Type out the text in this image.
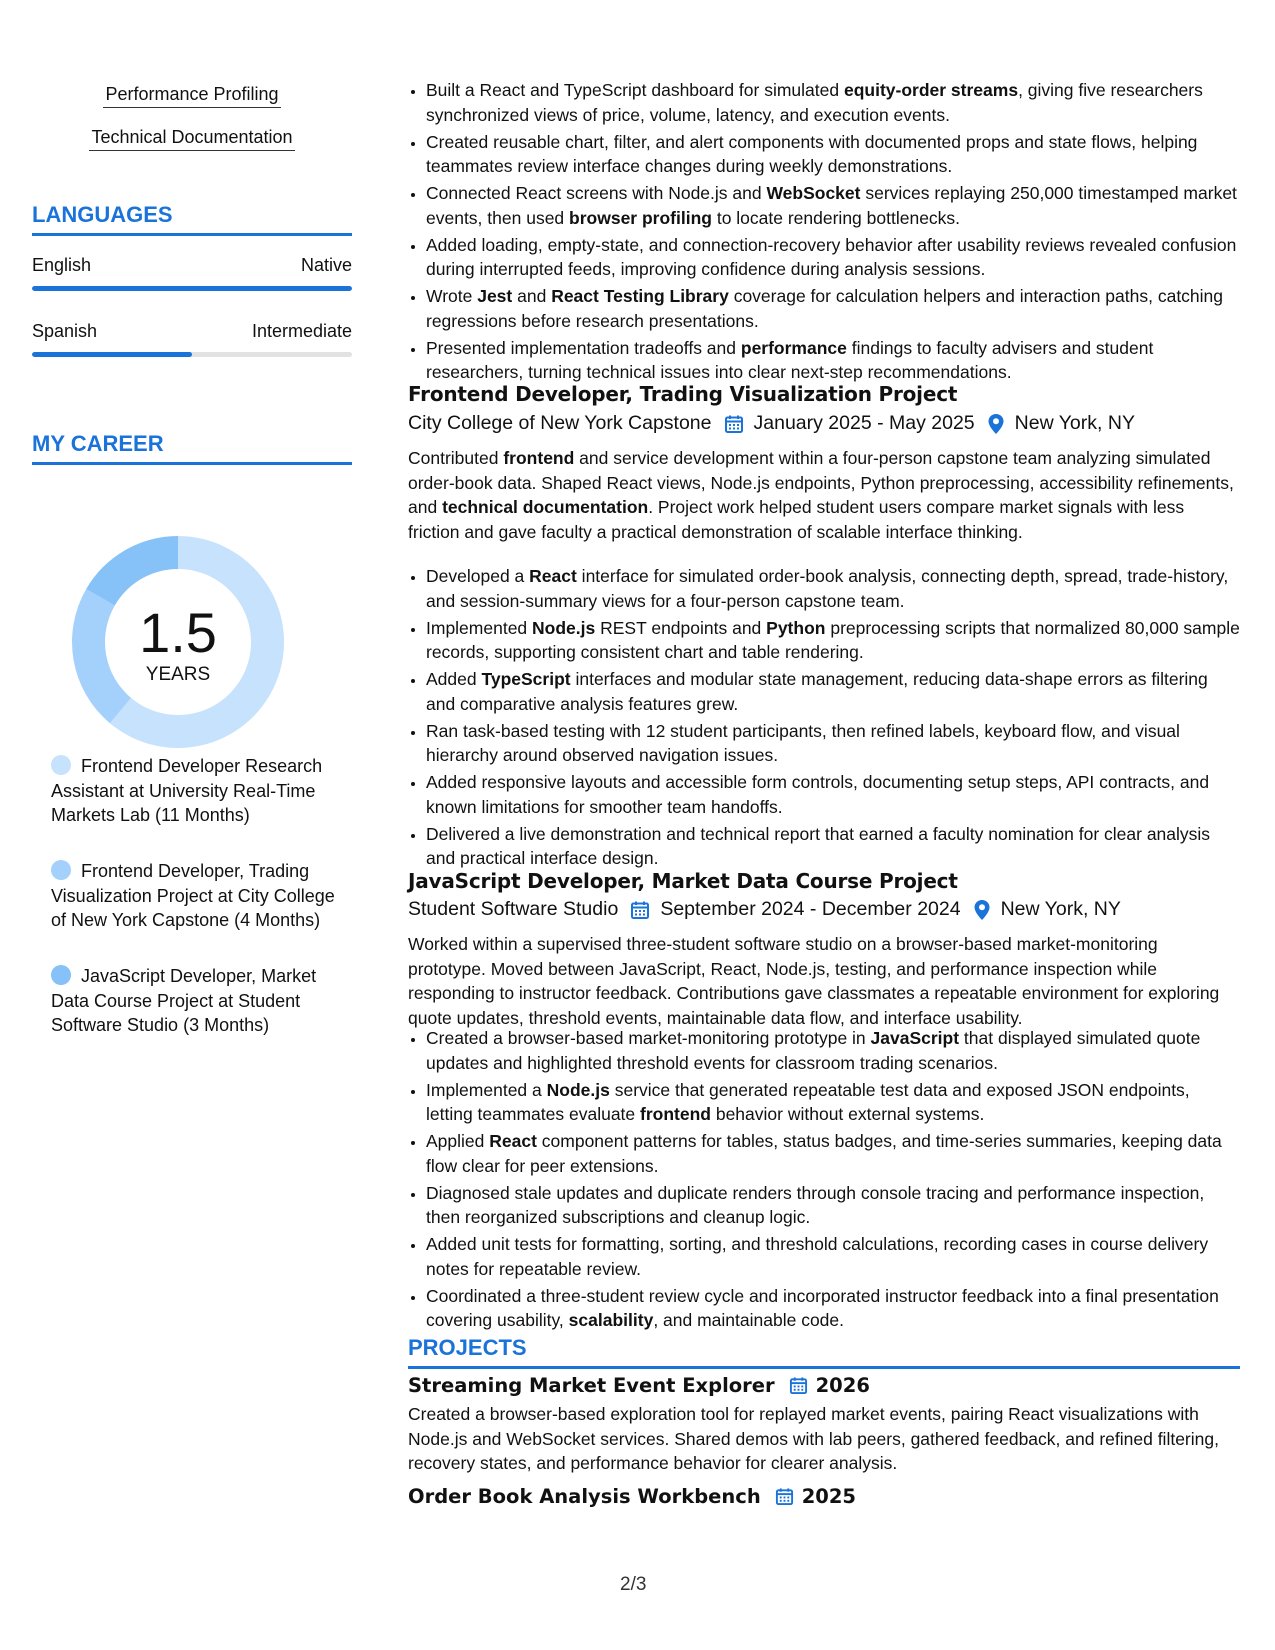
Performance Profiling
Technical Documentation
LANGUAGES
English	Native
Spanish	Intermediate
MY CAREER
1.5
YEARS
Frontend Developer Research Assistant at University Real-Time Markets Lab (11 Months)
Frontend Developer, Trading Visualization Project at City College of New York Capstone (4 Months)
JavaScript Developer, Market Data Course Project at Student Software Studio (3 Months)
• Built a React and TypeScript dashboard for simulated equity-order streams, giving five researchers synchronized views of price, volume, latency, and execution events.
• Created reusable chart, filter, and alert components with documented props and state flows, helping teammates review interface changes during weekly demonstrations.
• Connected React screens with Node.js and WebSocket services replaying 250,000 timestamped market events, then used browser profiling to locate rendering bottlenecks.
• Added loading, empty-state, and connection-recovery behavior after usability reviews revealed confusion during interrupted feeds, improving confidence during analysis sessions.
• Wrote Jest and React Testing Library coverage for calculation helpers and interaction paths, catching regressions before research presentations.
• Presented implementation tradeoffs and performance findings to faculty advisers and student researchers, turning technical issues into clear next-step recommendations.
Frontend Developer, Trading Visualization Project
City College of New York Capstone January 2025 - May 2025 New York, NY
Contributed frontend and service development within a four-person capstone team analyzing simulated order-book data. Shaped React views, Node.js endpoints, Python preprocessing, accessibility refinements, and technical documentation. Project work helped student users compare market signals with less friction and gave faculty a practical demonstration of scalable interface thinking.
• Developed a React interface for simulated order-book analysis, connecting depth, spread, trade-history, and session-summary views for a four-person capstone team.
• Implemented Node.js REST endpoints and Python preprocessing scripts that normalized 80,000 sample records, supporting consistent chart and table rendering.
• Added TypeScript interfaces and modular state management, reducing data-shape errors as filtering and comparative analysis features grew.
• Ran task-based testing with 12 student participants, then refined labels, keyboard flow, and visual hierarchy around observed navigation issues.
• Added responsive layouts and accessible form controls, documenting setup steps, API contracts, and known limitations for smoother team handoffs.
• Delivered a live demonstration and technical report that earned a faculty nomination for clear analysis and practical interface design.
JavaScript Developer, Market Data Course Project
Student Software Studio September 2024 - December 2024 New York, NY
Worked within a supervised three-student software studio on a browser-based market-monitoring prototype. Moved between JavaScript, React, Node.js, testing, and performance inspection while responding to instructor feedback. Contributions gave classmates a repeatable environment for exploring quote updates, threshold events, maintainable data flow, and interface usability.
• Created a browser-based market-monitoring prototype in JavaScript that displayed simulated quote updates and highlighted threshold events for classroom trading scenarios.
• Implemented a Node.js service that generated repeatable test data and exposed JSON endpoints, letting teammates evaluate frontend behavior without external systems.
• Applied React component patterns for tables, status badges, and time-series summaries, keeping data flow clear for peer extensions.
• Diagnosed stale updates and duplicate renders through console tracing and performance inspection, then reorganized subscriptions and cleanup logic.
• Added unit tests for formatting, sorting, and threshold calculations, recording cases in course delivery notes for repeatable review.
• Coordinated a three-student review cycle and incorporated instructor feedback into a final presentation covering usability, scalability, and maintainable code.
PROJECTS
Streaming Market Event Explorer 2026
Created a browser-based exploration tool for replayed market events, pairing React visualizations with Node.js and WebSocket services. Shared demos with lab peers, gathered feedback, and refined filtering, recovery states, and performance behavior for clearer analysis.
Order Book Analysis Workbench 2025
2/3
